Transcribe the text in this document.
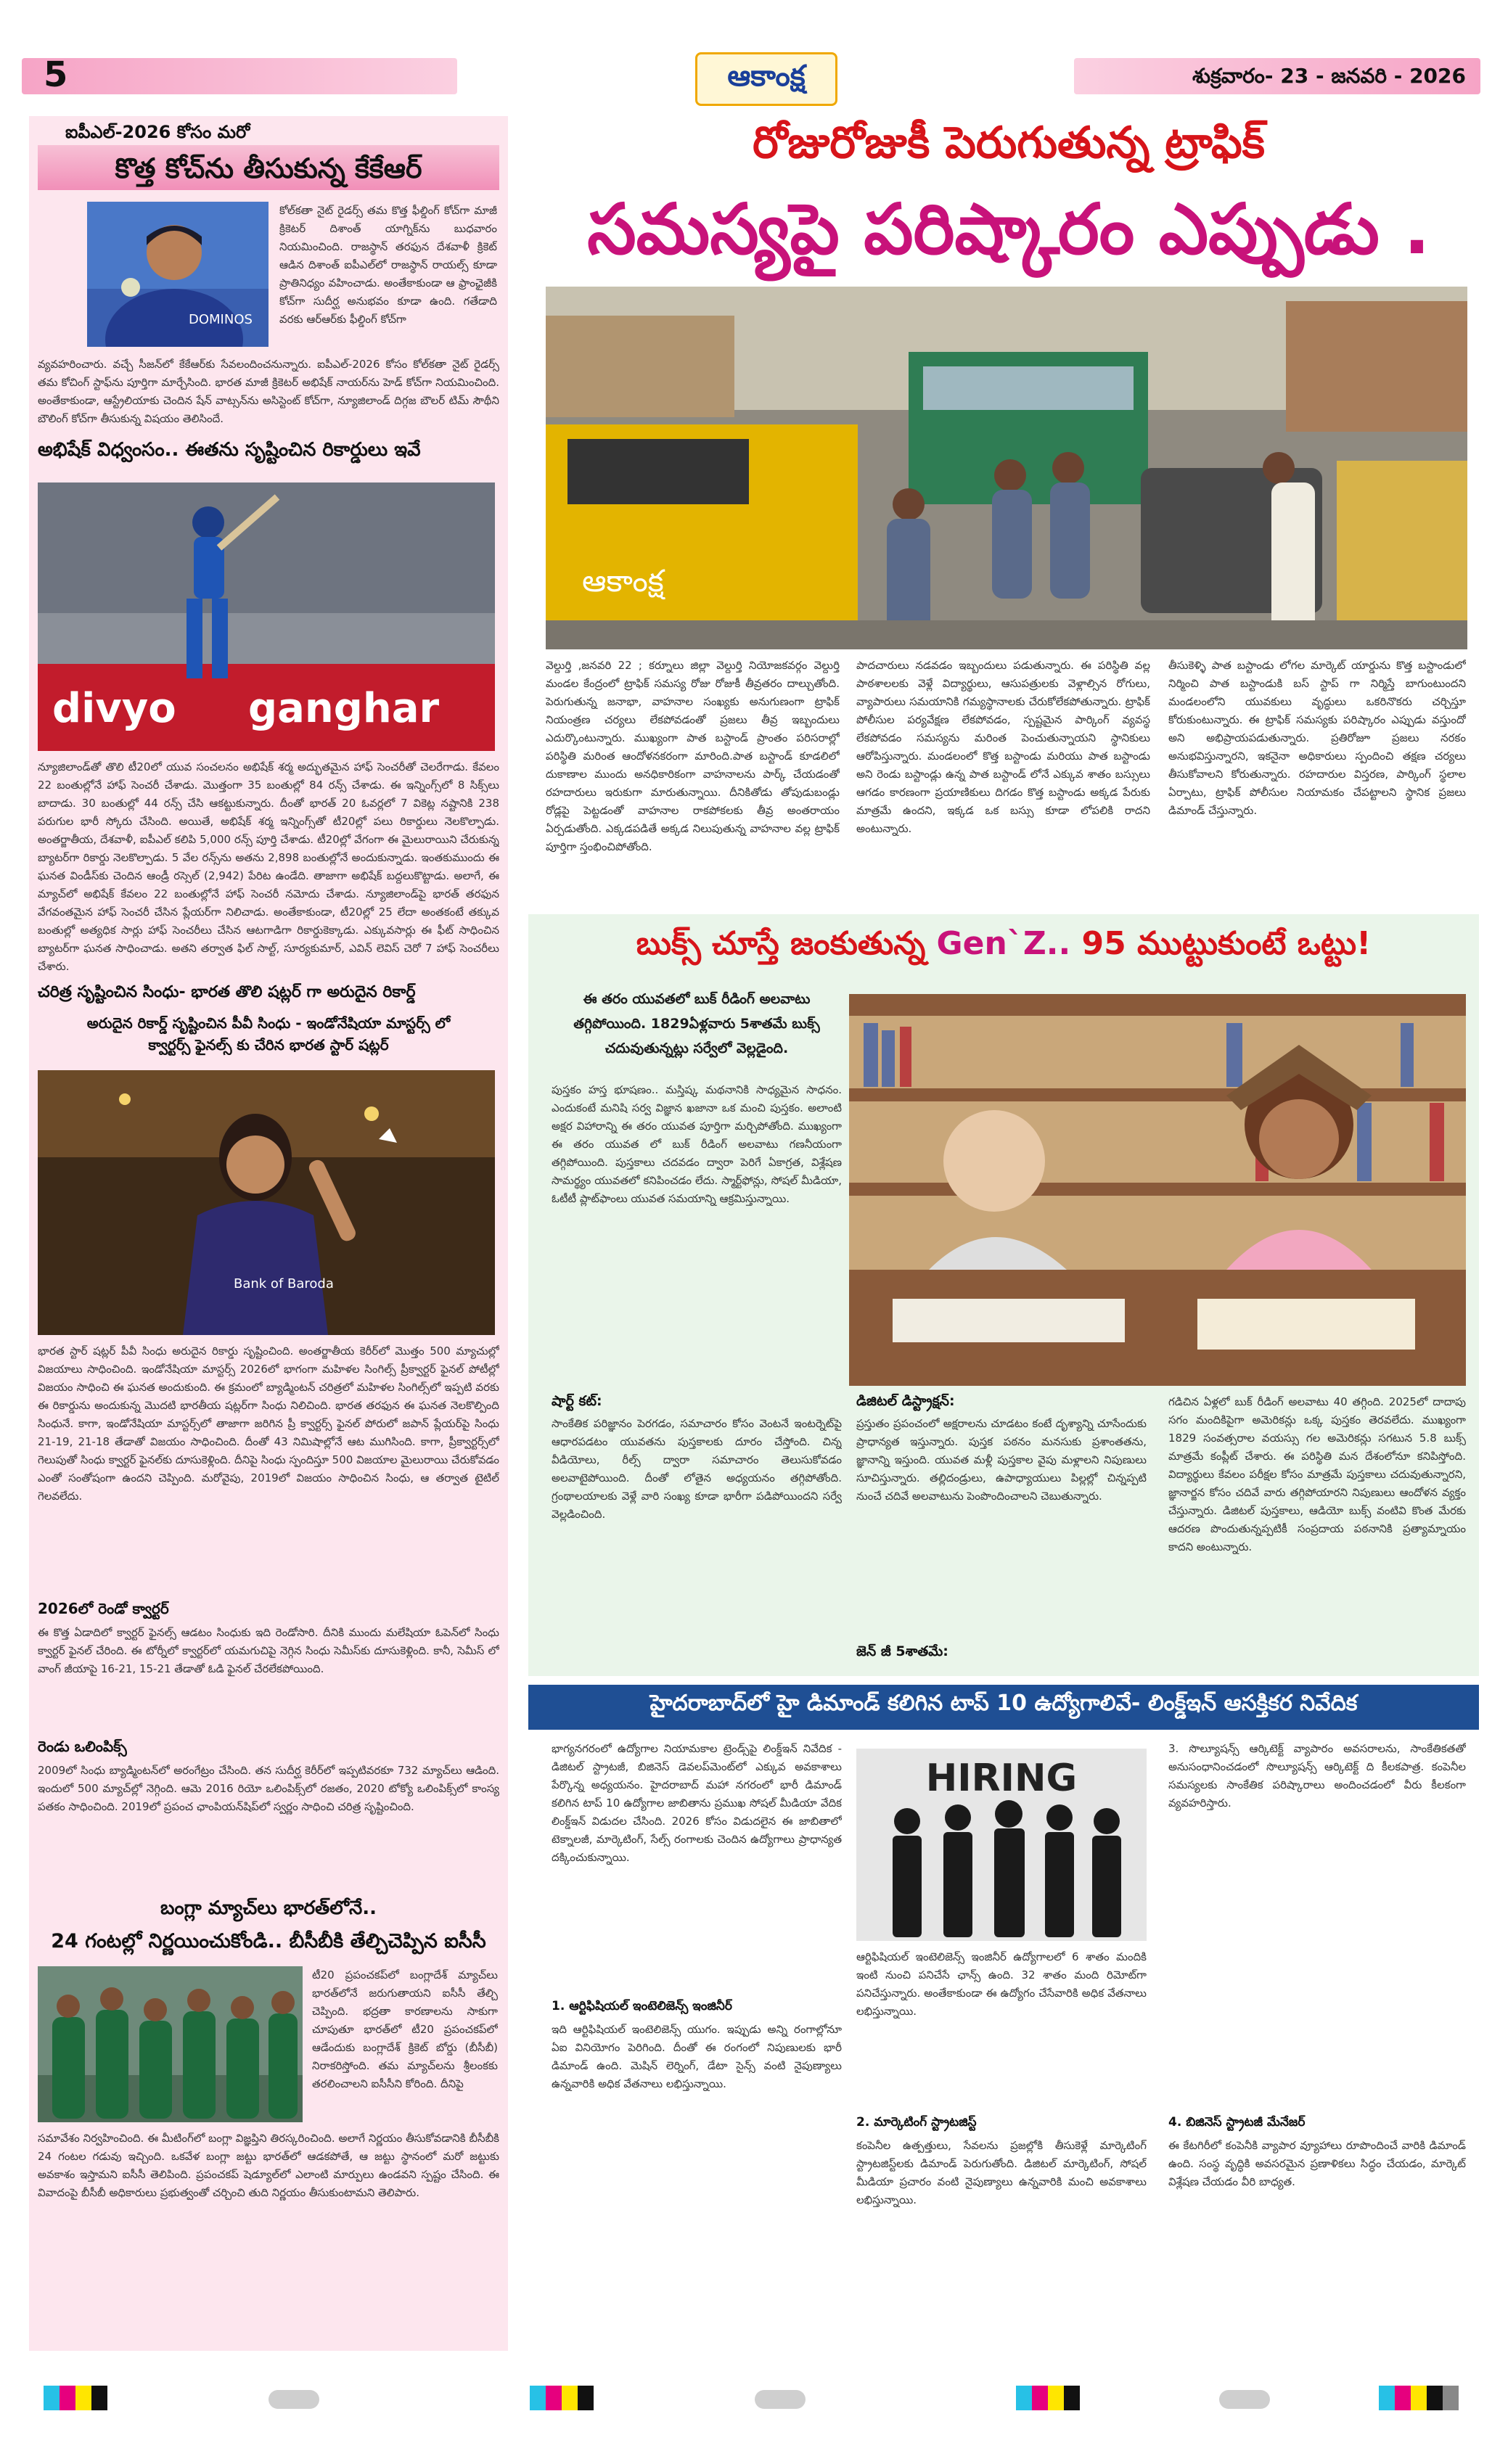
5	ఆకాంక్ష	శుక్రవారం- 23 - జనవరి - 2026
ఐపీఎల్-2026 కోసం మరో
కొత్త కోచ్‌ను తీసుకున్న కేకేఆర్
DOMINOS
కోల్‌కతా నైట్ రైడర్స్ తమ కొత్త ఫీల్డింగ్ కోచ్‌గా మాజీ క్రికెటర్ దిశాంత్ యాగ్నిక్‌ను బుధవారం నియమించింది. రాజస్థాన్ తరఫున దేశవాళీ క్రికెట్ ఆడిన దిశాంత్ ఐపీఎల్‌లో రాజస్థాన్ రాయల్స్ కూడా ప్రాతినిధ్యం వహించాడు. అంతేకాకుండా ఆ ఫ్రాంఛైజీకి కోచ్‌గా సుదీర్ఘ అనుభవం కూడా ఉంది. గతేడాది వరకు ఆర్ఆర్‌కు ఫీల్డింగ్ కోచ్‌గా
వ్యవహరించారు. వచ్చే సీజన్‌లో కేకేఆర్‌కు సేవలందించనున్నారు. ఐపీఎల్-2026 కోసం కోల్‌కతా నైట్ రైడర్స్ తమ కోచింగ్ స్టాఫ్‌ను పూర్తిగా మార్చేసింది. భారత మాజీ క్రికెటర్ అభిషేక్ నాయర్‌ను హెడ్ కోచ్‌గా నియమించింది. అంతేకాకుండా, ఆస్ట్రేలియాకు చెందిన షేన్ వాట్సన్‌ను అసిస్టెంట్ కోచ్‌గా, న్యూజిలాండ్ దిగ్గజ బౌలర్ టిమ్ సౌథీని బౌలింగ్ కోచ్‌గా తీసుకున్న విషయం తెలిసిందే.
అభిషేక్ విధ్వంసం.. ఈతను సృష్టించిన రికార్డులు ఇవే
divyo ganghar
న్యూజిలాండ్‌తో తొలి టీ20లో యువ సంచలనం అభిషేక్ శర్మ అద్భుతమైన హాఫ్ సెంచరీతో చెలరేగాడు. కేవలం 22 బంతుల్లోనే హాఫ్ సెంచరీ చేశాడు. మొత్తంగా 35 బంతుల్లో 84 రన్స్ చేశాడు. ఈ ఇన్నింగ్స్‌లో 8 సిక్స్‌లు బాదాడు. 30 బంతుల్లో 44 రన్స్ చేసి ఆకట్టుకున్నారు. దీంతో భారత్ 20 ఓవర్లలో 7 వికెట్ల నష్టానికి 238 పరుగుల భారీ స్కోరు చేసింది. అయితే, అభిషేక్ శర్మ ఇన్నింగ్స్‌తో టీ20ల్లో పలు రికార్డులు నెలకొల్పాడు. అంతర్జాతీయ, దేశవాళీ, ఐపీఎల్ కలిపి 5,000 రన్స్ పూర్తి చేశాడు. టీ20ల్లో వేగంగా ఈ మైలురాయిని చేరుకున్న బ్యాటర్‌గా రికార్డు నెలకొల్పాడు. 5 వేల రన్స్‌ను అతను 2,898 బంతుల్లోనే అందుకున్నాడు. ఇంతకుముందు ఈ ఘనత విండీస్‌కు చెందిన ఆండ్రీ రస్సెల్ (2,942) పేరిట ఉండేది. తాజాగా అభిషేక్ బద్దలుకొట్టాడు. అలాగే, ఈ మ్యాచ్‌లో అభిషేక్ కేవలం 22 బంతుల్లోనే హాఫ్ సెంచరీ నమోదు చేశాడు. న్యూజిలాండ్‌పై భారత్ తరఫున వేగవంతమైన హాఫ్ సెంచరీ చేసిన ప్లేయర్‌గా నిలిచాడు. అంతేకాకుండా, టీ20ల్లో 25 లేదా అంతకంటే తక్కువ బంతుల్లో అత్యధిక సార్లు హాఫ్ సెంచరీలు చేసిన ఆటగాడిగా రికార్డుకెక్కాడు. ఎక్కువసార్లు ఈ ఫీట్ సాధించిన బ్యాటర్‌గా ఘనత సాధించాడు. అతని తర్వాత ఫిల్ సాల్ట్, సూర్యకుమార్, ఎవిన్ లెవిస్ చెరో 7 హాఫ్ సెంచరీలు చేశారు.
చరిత్ర సృష్టించిన సింధు- భారత తొలి షట్లర్ గా అరుదైన రికార్డ్
అరుదైన రికార్డ్ సృష్టించిన పీవీ సింధు - ఇండోనేషియా మాస్టర్స్ లో
క్వార్టర్స్ ఫైనల్స్ కు చేరిన భారత స్టార్ షట్లర్
Bank of Baroda
భారత స్టార్ షట్లర్ పీవీ సింధు అరుదైన రికార్డు సృష్టించింది. అంతర్జాతీయ కెరీర్‌లో మొత్తం 500 మ్యాచుల్లో విజయాలు సాధించింది. ఇండోనేషియా మాస్టర్స్ 2026లో భాగంగా మహిళల సింగిల్స్ ప్రీక్వార్టర్ ఫైనల్ పోటీల్లో విజయం సాధించి ఈ ఘనత అందుకుంది. ఈ క్రమంలో బ్యాడ్మింటన్ చరిత్రలో మహిళల సింగిల్స్‌లో ఇప్పటి వరకు ఈ రికార్డును అందుకున్న మొదటి భారతీయ షట్లర్‌గా సింధు నిలిచింది. భారత తరఫున ఈ ఘనత నెలకొల్పింది సింధునే. కాగా, ఇండోనేషియా మాస్టర్స్‌లో తాజాగా జరిగిన ప్రీ క్వార్టర్స్ ఫైనల్ పోరులో జపాన్ ప్లేయర్‌పై సింధు 21-19, 21-18 తేడాతో విజయం సాధించింది. దీంతో 43 నిమిషాల్లోనే ఆట ముగిసింది. కాగా, ప్రీక్వార్టర్స్‌లో గెలుపుతో సింధు క్వార్టర్ ఫైనల్‌కు దూసుకెళ్లింది. దీనిపై సింధు స్పందిస్తూ 500 విజయాల మైలురాయి చేరుకోవడం ఎంతో సంతోషంగా ఉందని చెప్పింది. మరోవైపు, 2019లో విజయం సాధించిన సింధు, ఆ తర్వాత టైటిల్ గెలవలేదు.
2026లో రెండో క్వార్టర్
ఈ కొత్త ఏడాదిలో క్వార్టర్ ఫైనల్స్ ఆడటం సింధుకు ఇది రెండోసారి. దీనికి ముందు మలేషియా ఓపెన్‌లో సింధు క్వార్టర్ ఫైనల్ చేరింది. ఈ టోర్నీలో క్వార్టర్‌లో యమగుచిపై నెగ్గిన సింధు సెమీస్‌కు దూసుకెళ్లింది. కానీ, సెమీస్ లో వాంగ్ జీయాపై 16-21, 15-21 తేడాతో ఓడి ఫైనల్ చేరలేకపోయింది.
రెండు ఒలింపిక్స్
2009లో సింధు బ్యాడ్మింటన్‌లో అరంగేట్రం చేసింది. తన సుదీర్ఘ కెరీర్‌లో ఇప్పటివరకూ 732 మ్యాచ్‌లు ఆడింది. ఇందులో 500 మ్యాచ్‌ల్లో నెగ్గింది. ఆమె 2016 రియో ఒలింపిక్స్‌లో రజతం, 2020 టోక్యో ఒలింపిక్స్‌లో కాంస్య పతకం సాధించింది. 2019లో ప్రపంచ ఛాంపియన్‌షిప్‌లో స్వర్ణం సాధించి చరిత్ర సృష్టించింది.
బంగ్లా మ్యాచ్‌లు భారత్‌లోనే..
24 గంటల్లో నిర్ణయించుకోండి.. బీసీబీకి తేల్చిచెప్పిన ఐసీసీ
టీ20 ప్రపంచకప్‌లో బంగ్లాదేశ్ మ్యాచ్‌లు భారత్‌లోనే జరుగుతాయని ఐసీసీ తేల్చి చెప్పింది. భద్రతా కారణాలను సాకుగా చూపుతూ భారత్‌లో టీ20 ప్రపంచకప్‌లో ఆడేందుకు బంగ్లాదేశ్ క్రికెట్ బోర్డు (బీసీబీ) నిరాకరిస్తోంది. తమ మ్యాచ్‌లను శ్రీలంకకు తరలించాలని ఐసీసీని కోరింది. దీనిపై
సమావేశం నిర్వహించింది. ఈ మీటింగ్‌లో బంగ్లా విజ్ఞప్తిని తిరస్కరించింది. అలాగే నిర్ణయం తీసుకోవడానికి బీసీబీకి 24 గంటల గడువు ఇచ్చింది. ఒకవేళ బంగ్లా జట్టు భారత్‌లో ఆడకపోతే, ఆ జట్టు స్థానంలో మరో జట్టుకు అవకాశం ఇస్తామని ఐసీసీ తెలిపింది. ప్రపంచకప్ షెడ్యూల్‌లో ఎలాంటి మార్పులు ఉండవని స్పష్టం చేసింది. ఈ వివాదంపై బీసీబీ అధికారులు ప్రభుత్వంతో చర్చించి తుది నిర్ణయం తీసుకుంటామని తెలిపారు.
రోజురోజుకీ పెరుగుతున్న ట్రాఫిక్
సమస్యపై పరిష్కారం ఎప్పుడు .
ఆకాంక్ష
వెల్దుర్తి ,జనవరి 22 ; కర్నూలు జిల్లా వెల్దుర్తి నియోజకవర్గం వెల్దుర్తి మండల కేంద్రంలో ట్రాఫిక్ సమస్య రోజు రోజుకీ తీవ్రతరం దాల్చుతోంది. పెరుగుతున్న జనాభా, వాహనాల సంఖ్యకు అనుగుణంగా ట్రాఫిక్ నియంత్రణ చర్యలు లేకపోవడంతో ప్రజలు తీవ్ర ఇబ్బందులు ఎదుర్కొంటున్నారు. ముఖ్యంగా పాత బస్టాండ్ ప్రాంతం పరిసరాల్లో పరిస్థితి మరింత ఆందోళనకరంగా మారింది.పాత బస్టాండ్ కూడలిలో దుకాణాల ముందు అనధికారికంగా వాహనాలను పార్క్ చేయడంతో రహదారులు ఇరుకుగా మారుతున్నాయి. దీనికితోడు తోపుడుబండ్లు రోడ్లపై పెట్టడంతో వాహనాల రాకపోకలకు తీవ్ర అంతరాయం ఏర్పడుతోంది. ఎక్కడపడితే అక్కడ నిలుపుతున్న వాహనాల వల్ల ట్రాఫిక్ పూర్తిగా స్తంభించిపోతోంది.
పాదచారులు నడవడం ఇబ్బందులు పడుతున్నారు. ఈ పరిస్థితి వల్ల పాఠశాలలకు వెళ్లే విద్యార్థులు, ఆసుపత్రులకు వెళ్లాల్సిన రోగులు, వ్యాపారులు సమయానికి గమ్యస్థానాలకు చేరుకోలేకపోతున్నారు. ట్రాఫిక్ పోలీసుల పర్యవేక్షణ లేకపోవడం, స్పష్టమైన పార్కింగ్ వ్యవస్థ లేకపోవడం సమస్యను మరింత పెంచుతున్నాయని స్థానికులు ఆరోపిస్తున్నారు. మండలంలో కొత్త బస్టాండు మరియు పాత బస్టాండు అని రెండు బస్టాండ్లు ఉన్న పాత బస్టాండ్ లోనే ఎక్కువ శాతం బస్సులు ఆగడం కారణంగా ప్రయాణికులు దిగడం కొత్త బస్టాండు అక్కడ పేరుకు మాత్రమే ఉందని, ఇక్కడ ఒక బస్సు కూడా లోపలికి రాదని అంటున్నారు.
తీసుకెళ్ళి పాత బస్టాండు లోగల మార్కెట్ యార్డును కొత్త బస్టాండులో నిర్మించి పాత బస్టాండుకి బస్ స్టాప్ గా నిర్మిస్తే బాగుంటుందని మండలంలోని యువకులు వృద్ధులు ఒకరినొకరు చర్చిస్తూ కోరుకుంటున్నారు. ఈ ట్రాఫిక్ సమస్యకు పరిష్కారం ఎప్పుడు వస్తుందో అని అభిప్రాయపడుతున్నారు. ప్రతిరోజూ ప్రజలు నరకం అనుభవిస్తున్నారని, ఇకనైనా అధికారులు స్పందించి తక్షణ చర్యలు తీసుకోవాలని కోరుతున్నారు. రహదారుల విస్తరణ, పార్కింగ్ స్థలాల ఏర్పాటు, ట్రాఫిక్ పోలీసుల నియామకం చేపట్టాలని స్థానిక ప్రజలు డిమాండ్ చేస్తున్నారు.
బుక్స్ చూస్తే జంకుతున్న Gen`Z.. 95 ముట్టుకుంటే ఒట్టు!
ఈ తరం యువతలో బుక్ రీడింగ్ అలవాటు తగ్గిపోయింది. 1829ఏళ్లవారు 5శాతమే బుక్స్ చదువుతున్నట్లు సర్వేలో వెల్లడైంది.
పుస్తకం హస్త భూషణం.. మస్తిష్క మథనానికి సాధ్యమైన సాధనం. ఎందుకంటే మనిషి సర్వ విజ్ఞాన ఖజానా ఒక మంచి పుస్తకం. అలాంటి అక్షర విహారాన్ని ఈ తరం యువత పూర్తిగా మర్చిపోతోంది. ముఖ్యంగా ఈ తరం యువత లో బుక్ రీడింగ్ అలవాటు గణనీయంగా తగ్గిపోయింది. పుస్తకాలు చదవడం ద్వారా పెరిగే ఏకాగ్రత, విశ్లేషణ సామర్థ్యం యువతలో కనిపించడం లేదు. స్మార్ట్‌ఫోన్లు, సోషల్ మీడియా, ఓటీటీ ప్లాట్‌ఫాంలు యువత సమయాన్ని ఆక్రమిస్తున్నాయి.
షార్ట్ కట్:
సాంకేతిక పరిజ్ఞానం పెరగడం, సమాచారం కోసం వెంటనే ఇంటర్నెట్‌పై ఆధారపడటం యువతను పుస్తకాలకు దూరం చేస్తోంది. చిన్న వీడియోలు, రీల్స్ ద్వారా సమాచారం తెలుసుకోవడం అలవాటైపోయింది. దీంతో లోతైన అధ్యయనం తగ్గిపోతోంది. గ్రంథాలయాలకు వెళ్లే వారి సంఖ్య కూడా భారీగా పడిపోయిందని సర్వే వెల్లడించింది.
డిజిటల్ డిస్ట్రాక్షన్:
ప్రస్తుతం ప్రపంచంలో అక్షరాలను చూడటం కంటే దృశ్యాన్ని చూసేందుకు ప్రాధాన్యత ఇస్తున్నారు. పుస్తక పఠనం మనసుకు ప్రశాంతతను, జ్ఞానాన్ని ఇస్తుంది. యువత మళ్లీ పుస్తకాల వైపు మళ్లాలని నిపుణులు సూచిస్తున్నారు. తల్లిదండ్రులు, ఉపాధ్యాయులు పిల్లల్లో చిన్నప్పటి నుంచే చదివే అలవాటును పెంపొందించాలని చెబుతున్నారు.
జెన్ జీ 5శాతమే:
గడిచిన ఏళ్లలో బుక్ రీడింగ్ అలవాటు 40 తగ్గింది. 2025లో దాదాపు సగం మందికిపైగా అమెరికన్లు ఒక్క పుస్తకం తెరవలేదు. ముఖ్యంగా 1829 సంవత్సరాల వయస్సు గల అమెరికన్లు సగటున 5.8 బుక్స్ మాత్రమే కంప్లీట్ చేశారు. ఈ పరిస్థితి మన దేశంలోనూ కనిపిస్తోంది. విద్యార్థులు కేవలం పరీక్షల కోసం మాత్రమే పుస్తకాలు చదువుతున్నారని, జ్ఞానార్జన కోసం చదివే వారు తగ్గిపోయారని నిపుణులు ఆందోళన వ్యక్తం చేస్తున్నారు. డిజిటల్ పుస్తకాలు, ఆడియో బుక్స్ వంటివి కొంత మేరకు ఆదరణ పొందుతున్నప్పటికీ సంప్రదాయ పఠనానికి ప్రత్యామ్నాయం కాదని అంటున్నారు.
హైదరాబాద్‌లో హై డిమాండ్ కలిగిన టాప్ 10 ఉద్యోగాలివే- లింక్డ్ఇన్ ఆసక్తికర నివేదిక
భాగ్యనగరంలో ఉద్యోగాల నియామకాల ట్రెండ్స్‌పై లింక్డ్ఇన్ నివేదిక - డిజిటల్ స్ట్రాటజీ, బిజినెస్ డెవలప్‌మెంట్‌లో ఎక్కువ అవకాశాలు పేర్కొన్న అధ్యయనం. హైదరాబాద్ మహా నగరంలో భారీ డిమాండ్ కలిగిన టాప్ 10 ఉద్యోగాల జాబితాను ప్రముఖ సోషల్ మీడియా వేదిక లింక్డ్ఇన్ విడుదల చేసింది. 2026 కోసం విడుదలైన ఈ జాబితాలో టెక్నాలజీ, మార్కెటింగ్, సేల్స్ రంగాలకు చెందిన ఉద్యోగాలు ప్రాధాన్యత దక్కించుకున్నాయి.
1. ఆర్టిఫిషియల్ ఇంటెలిజెన్స్ ఇంజినీర్
ఇది ఆర్టిఫిషియల్ ఇంటెలిజెన్స్ యుగం. ఇప్పుడు అన్ని రంగాల్లోనూ ఏఐ వినియోగం పెరిగింది. దీంతో ఈ రంగంలో నిపుణులకు భారీ డిమాండ్ ఉంది. మెషిన్ లెర్నింగ్, డేటా సైన్స్ వంటి నైపుణ్యాలు ఉన్నవారికి అధిక వేతనాలు లభిస్తున్నాయి.
HIRING
ఆర్టిఫిషియల్ ఇంటెలిజెన్స్ ఇంజినీర్ ఉద్యోగాలలో 6 శాతం మందికి ఇంటి నుంచి పనిచేసే ఛాన్స్ ఉంది. 32 శాతం మంది రిమోట్‌గా పనిచేస్తున్నారు. అంతేకాకుండా ఈ ఉద్యోగం చేసేవారికి అధిక వేతనాలు లభిస్తున్నాయి.
2. మార్కెటింగ్ స్ట్రాటజిస్ట్
కంపెనీల ఉత్పత్తులు, సేవలను ప్రజల్లోకి తీసుకెళ్లే మార్కెటింగ్ స్ట్రాటజిస్ట్‌లకు డిమాండ్ పెరుగుతోంది. డిజిటల్ మార్కెటింగ్, సోషల్ మీడియా ప్రచారం వంటి నైపుణ్యాలు ఉన్నవారికి మంచి అవకాశాలు లభిస్తున్నాయి.
3. సొల్యూషన్స్ ఆర్కిటెక్ట్ వ్యాపారం అవసరాలను, సాంకేతికతతో అనుసంధానించడంలో సొల్యూషన్స్ ఆర్కిటెక్ట్ ది కీలకపాత్ర. కంపెనీల సమస్యలకు సాంకేతిక పరిష్కారాలు అందించడంలో వీరు కీలకంగా వ్యవహరిస్తారు.
4. బిజినెస్ స్ట్రాటజీ మేనేజర్
ఈ కేటగిరీలో కంపెనీకి వ్యాపార వ్యూహాలు రూపొందించే వారికి డిమాండ్ ఉంది. సంస్థ వృద్ధికి అవసరమైన ప్రణాళికలు సిద్ధం చేయడం, మార్కెట్ విశ్లేషణ చేయడం వీరి బాధ్యత.
